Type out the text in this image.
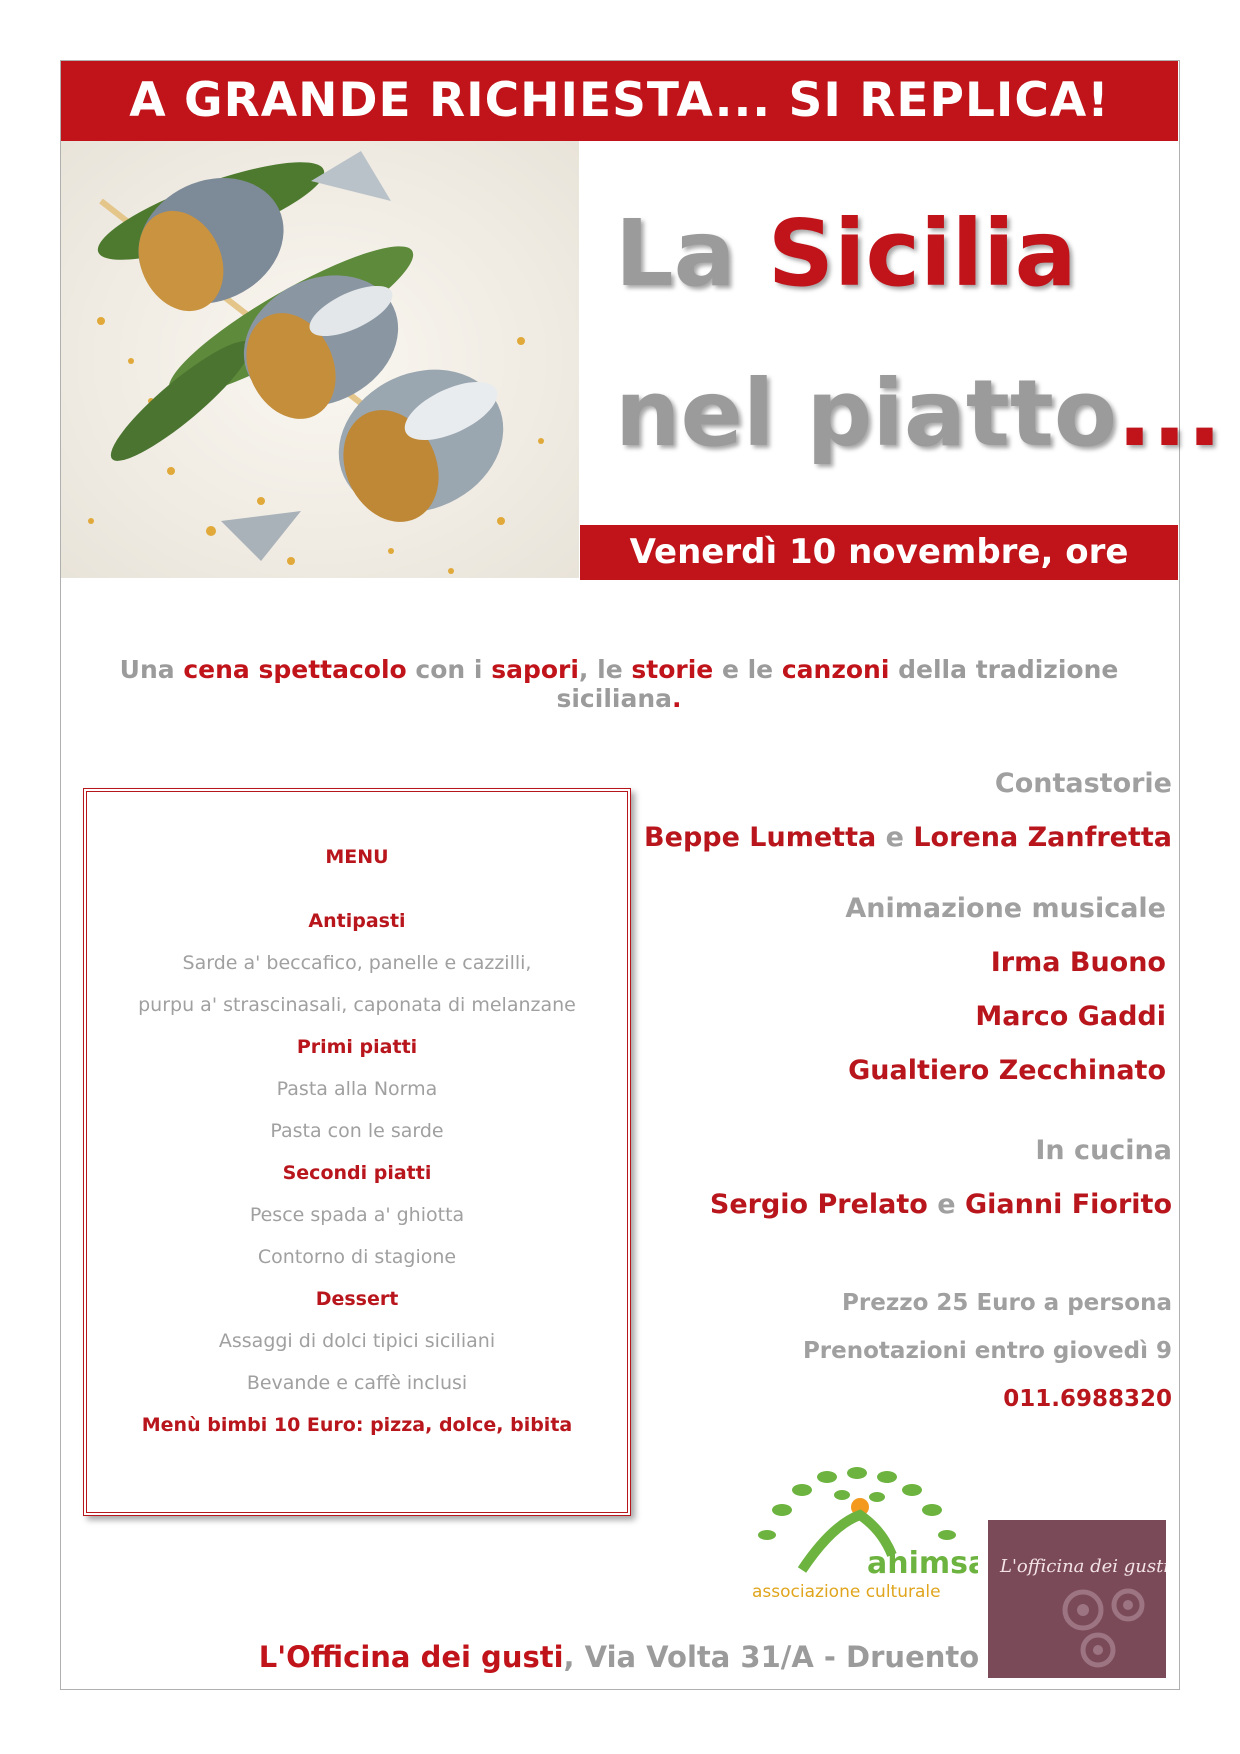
A GRANDE RICHIESTA... SI REPLICA!
La Sicilia
nel piatto...
Venerdì 10 novembre, ore 20,30
Una cena spettacolo con i sapori, le storie e le canzoni della tradizione siciliana.
MENU
Antipasti
Sarde a' beccafico, panelle e cazzilli,
purpu a' strascinasali, caponata di melanzane
Primi piatti
Pasta alla Norma
Pasta con le sarde
Secondi piatti
Pesce spada a' ghiotta
Contorno di stagione
Dessert
Assaggi di dolci tipici siciliani
Bevande e caffè inclusi
Menù bimbi 10 Euro: pizza, dolce, bibita
Contastorie
Beppe Lumetta e Lorena Zanfretta
Animazione musicale
Irma Buono
Marco Gaddi
Gualtiero Zecchinato
In cucina
Sergio Prelato e Gianni Fiorito
Prezzo 25 Euro a persona
Prenotazioni entro giovedì 9
011.6988320
ahimsa
associazione culturale
L'officina dei gusti
L'Officina dei gusti, Via Volta 31/A - Druento
